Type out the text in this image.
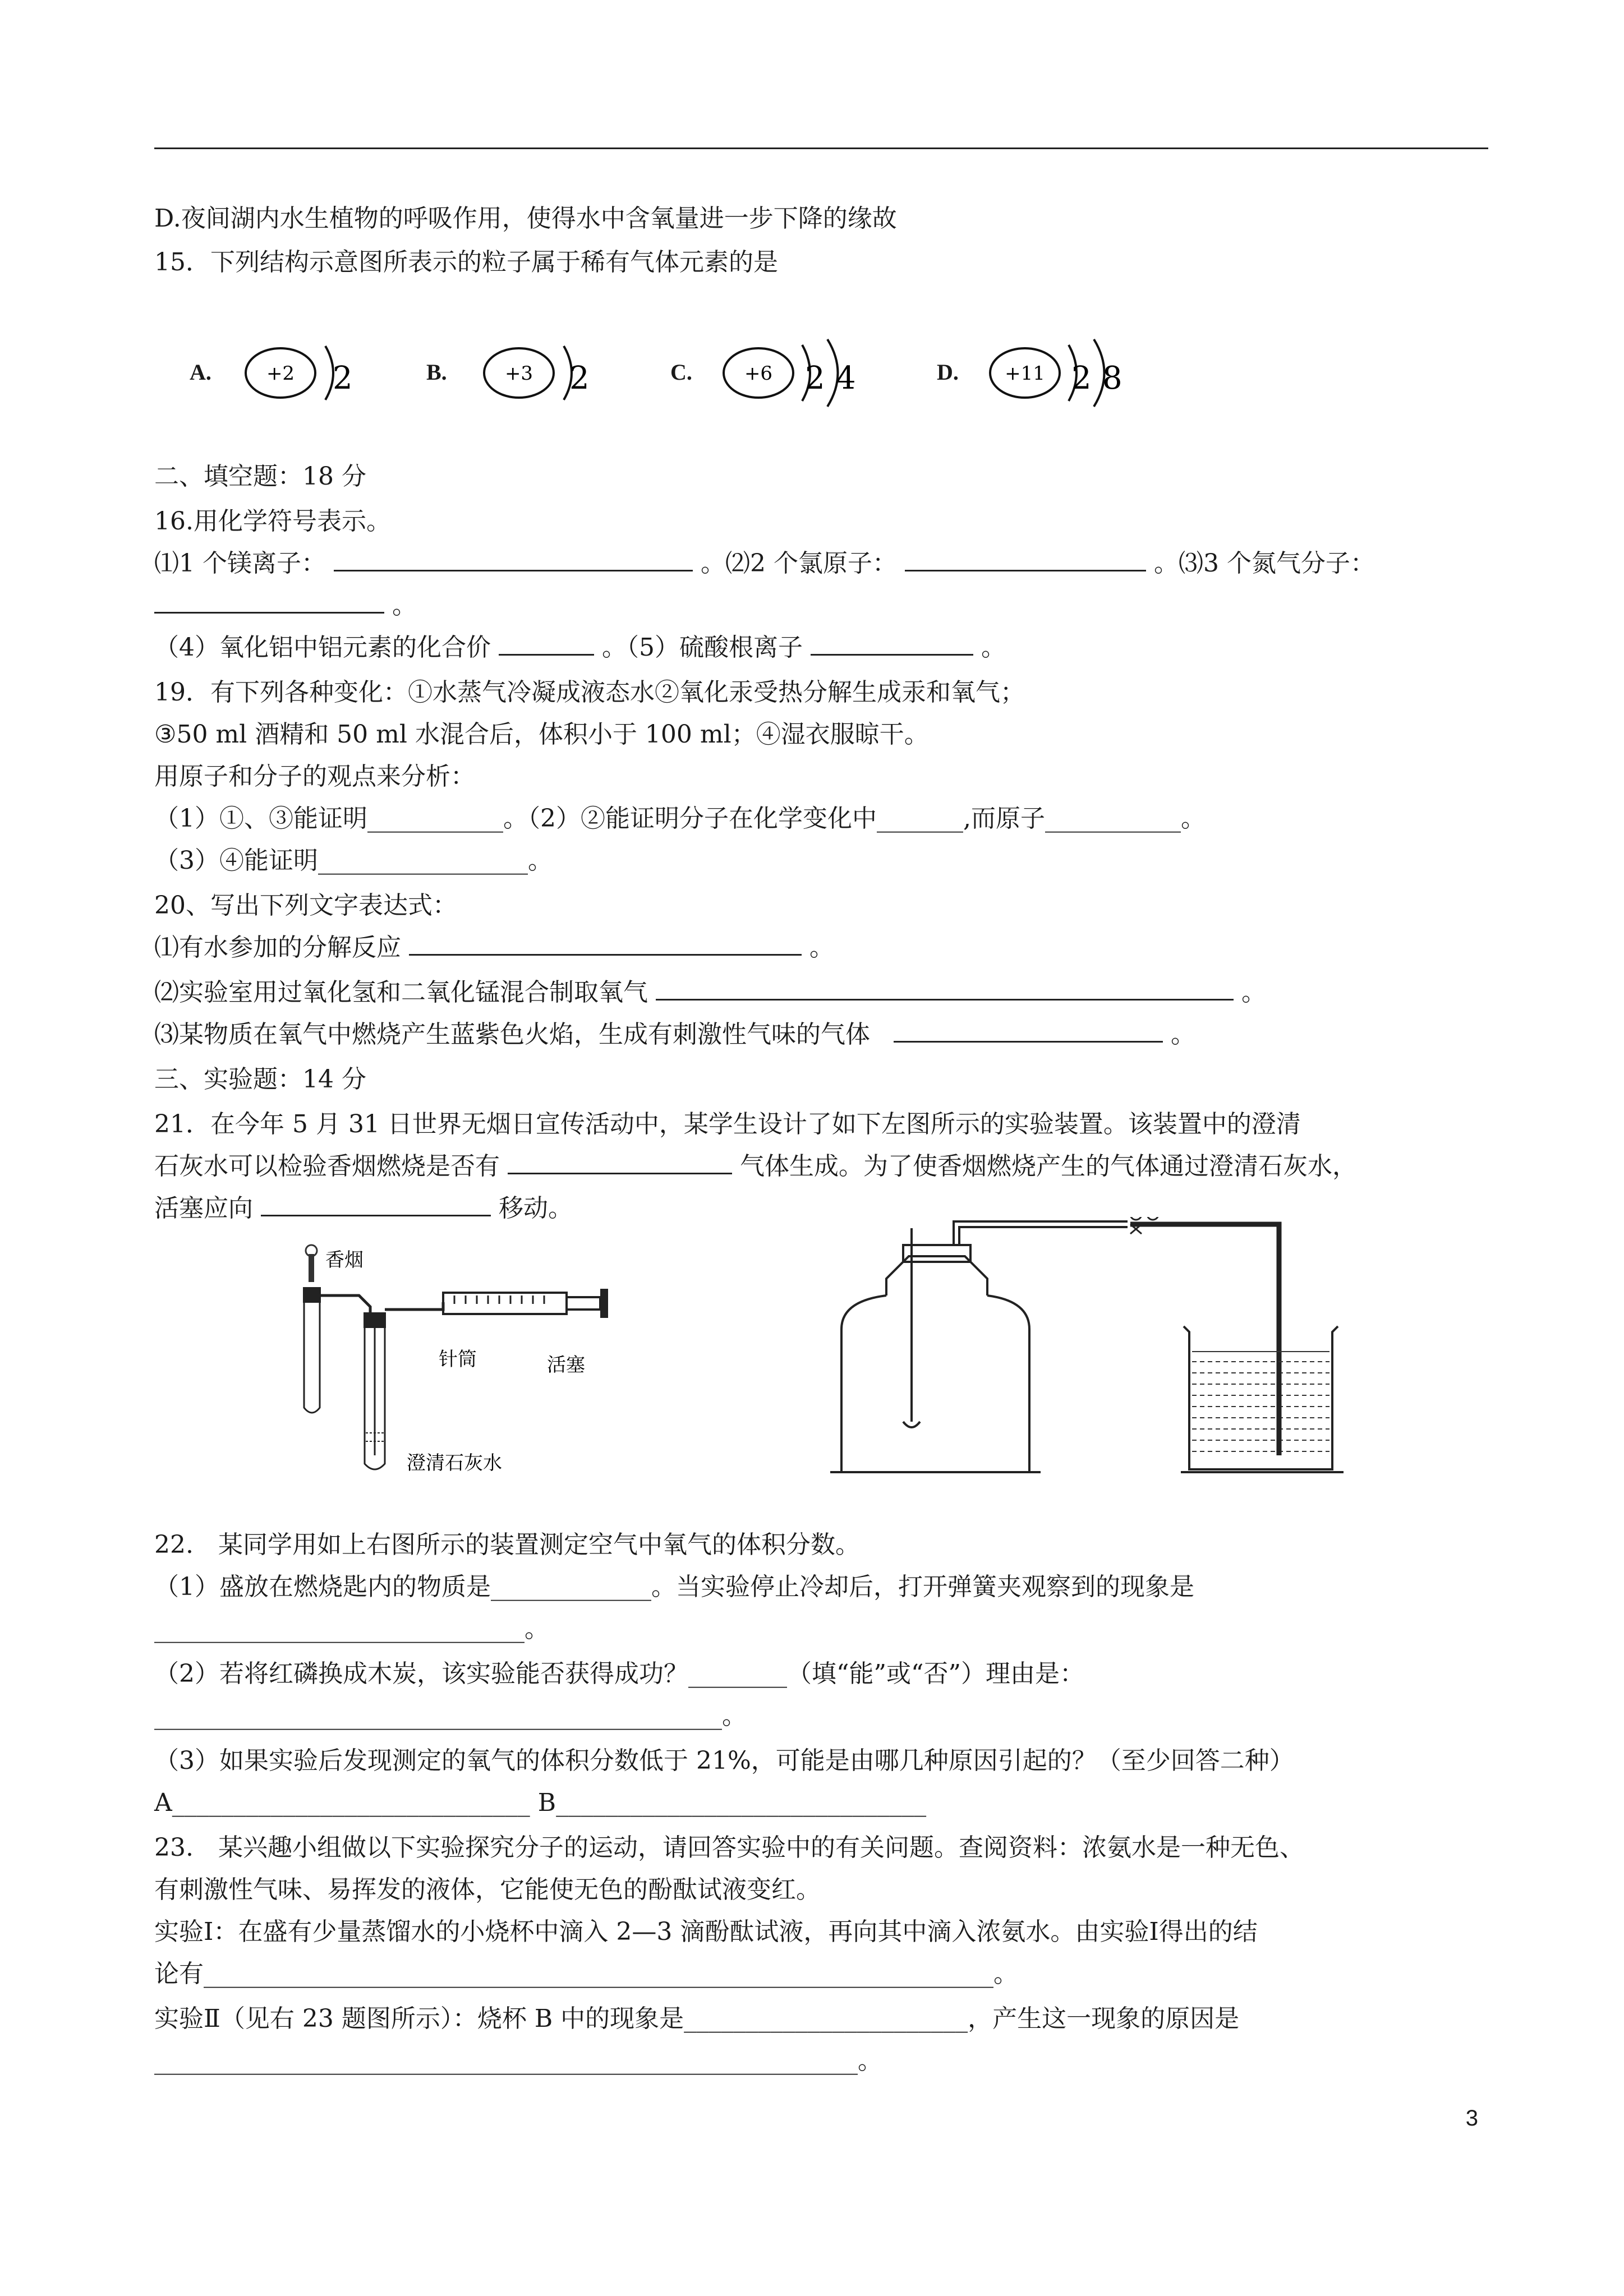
D.夜间湖内水生植物的呼吸作用，使得水中含氧量进一步下降的缘故

15．下列结构示意图所表示的粒子属于稀有气体元素的是

A.	+2 2	B.	+3 2	C.	+6 2 4	D. +11 2 8

二、填空题：18 分

16.用化学符号表示。

⑴1 个镁离子：	。⑵2 个氯原子：	。⑶3 个氮气分子：

。

（4）氧化铝中铝元素的化合价	。（5）硫酸根离子	。

19．有下列各种变化：①水蒸气冷凝成液态水②氧化汞受热分解生成汞和氧气；

③50 ml 酒精和 50 ml 水混合后，体积小于 100 ml；④湿衣服晾干。

用原子和分子的观点来分析：

（1）①、③能证明___________。（2）②能证明分子在化学变化中_______,而原子___________。

（3）④能证明_________________。

20、写出下列文字表达式：

⑴有水参加的分解反应	。

⑵实验室用过氧化氢和二氧化锰混合制取氧气	。

⑶某物质在氧气中燃烧产生蓝紫色火焰，生成有刺激性气味的气体	。

三、实验题：14 分

21．在今年 5 月 31 日世界无烟日宣传活动中，某学生设计了如下左图所示的实验装置。该装置中的澄清

石灰水可以检验香烟燃烧是否有	气体生成。为了使香烟燃烧产生的气体通过澄清石灰水，

活塞应向	移动。

香烟
针筒	活塞
澄清石灰水

22.　某同学用如上右图所示的装置测定空气中氧气的体积分数。

（1）盛放在燃烧匙内的物质是_____________。当实验停止冷却后，打开弹簧夹观察到的现象是

______________________________。

（2）若将红磷换成木炭，该实验能否获得成功？________（填“能”或“否”）理由是：

______________________________________________。

（3）如果实验后发现测定的氧气的体积分数低于 21%，可能是由哪几种原因引起的？（至少回答二种）

A_____________________________ B______________________________

23.　某兴趣小组做以下实验探究分子的运动，请回答实验中的有关问题。查阅资料：浓氨水是一种无色、

有刺激性气味、易挥发的液体，它能使无色的酚酞试液变红。

实验Ⅰ：在盛有少量蒸馏水的小烧杯中滴入 2—3 滴酚酞试液，再向其中滴入浓氨水。由实验Ⅰ得出的结

论有________________________________________________________________。

实验Ⅱ（见右 23 题图所示）：烧杯 B 中的现象是_______________________，产生这一现象的原因是

_________________________________________________________。

3
